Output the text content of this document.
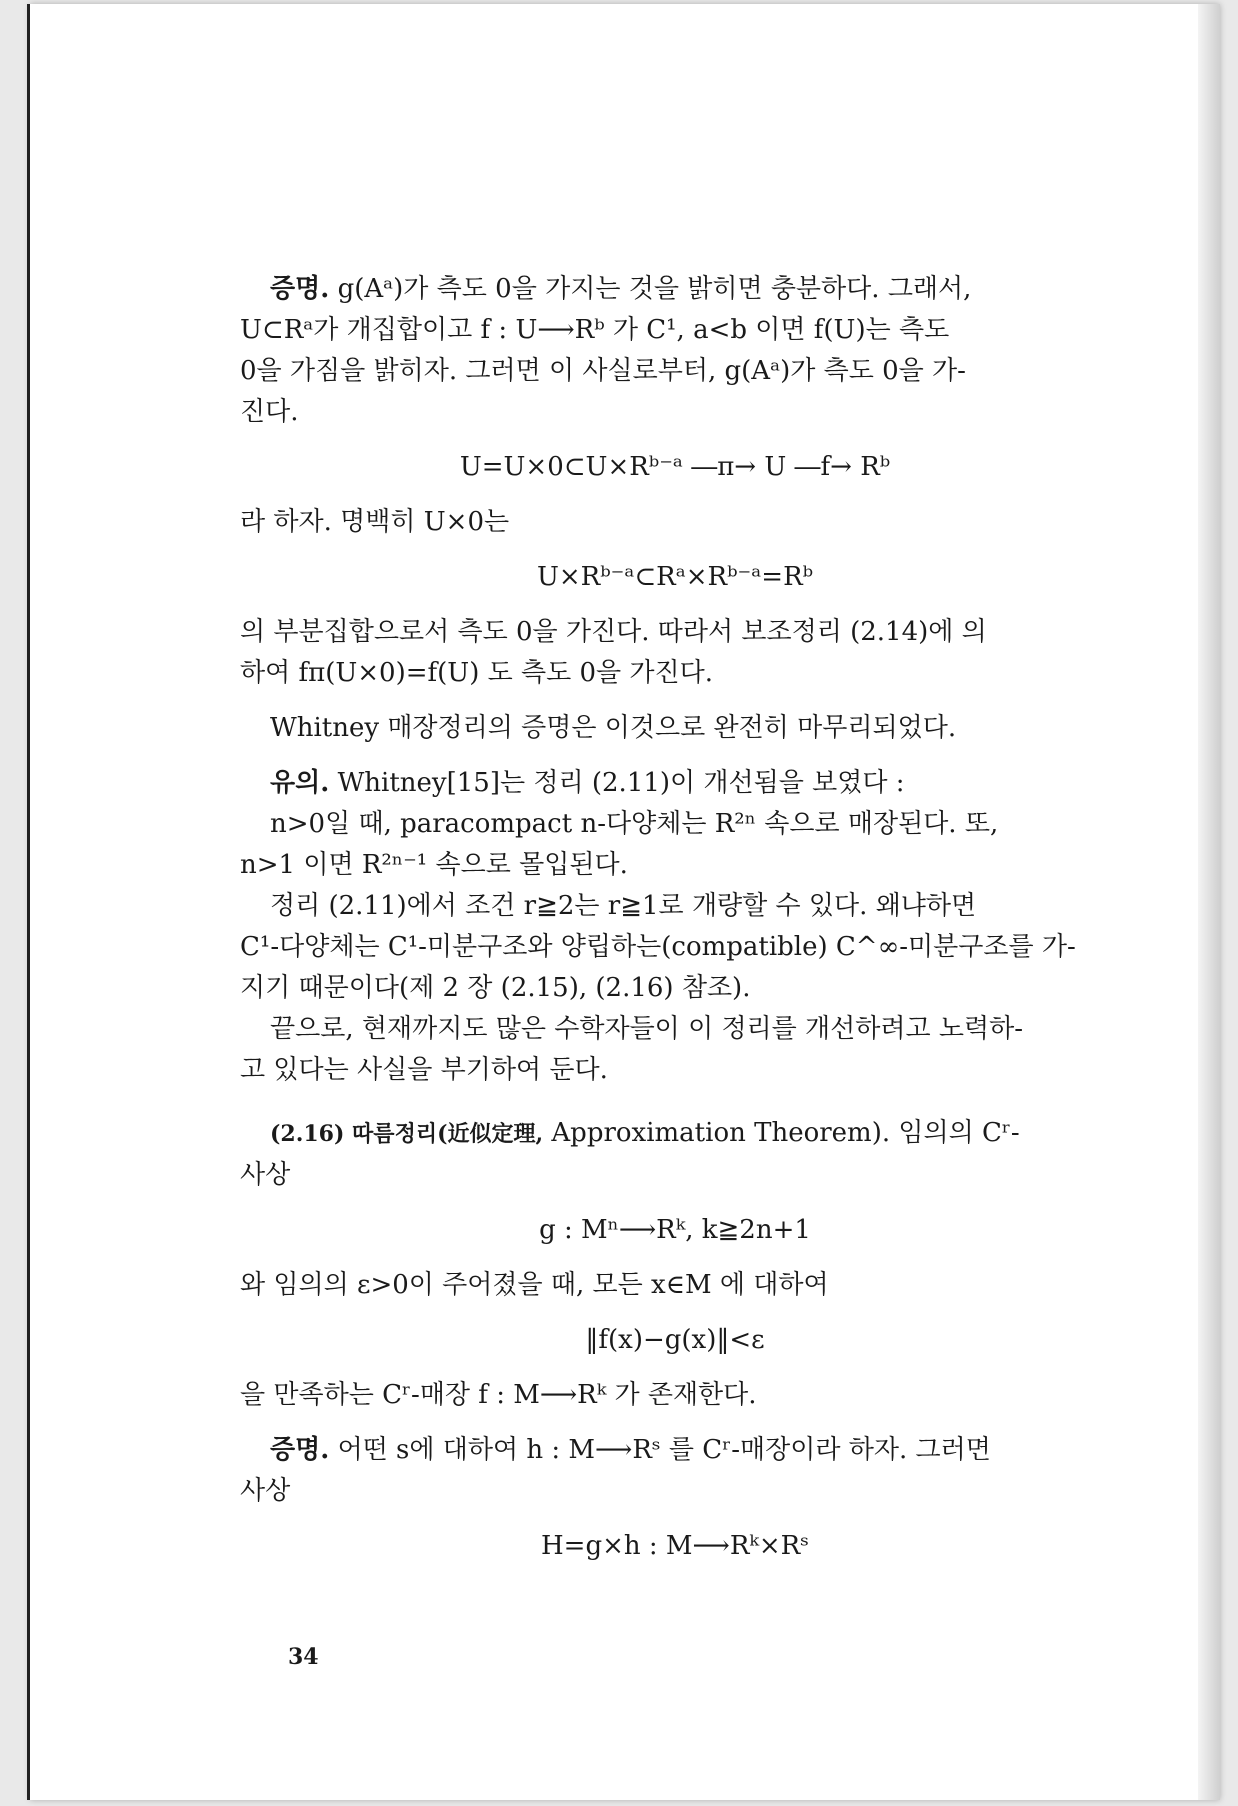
증명. g(Aᵃ)가 측도 0을 가지는 것을 밝히면 충분하다. 그래서,

U⊂Rᵃ가 개집합이고 f : U⟶Rᵇ 가 C¹, a<b 이면 f(U)는 측도

0을 가짐을 밝히자. 그러면 이 사실로부터, g(Aᵃ)가 측도 0을 가-

진다.

U=U×0⊂U×Rᵇ⁻ᵃ ―π→ U ―f→ Rᵇ

라 하자. 명백히 U×0는

U×Rᵇ⁻ᵃ⊂Rᵃ×Rᵇ⁻ᵃ=Rᵇ

의 부분집합으로서 측도 0을 가진다. 따라서 보조정리 (2.14)에 의

하여 fπ(U×0)=f(U) 도 측도 0을 가진다.

Whitney 매장정리의 증명은 이것으로 완전히 마무리되었다.

유의. Whitney[15]는 정리 (2.11)이 개선됨을 보였다 :

n>0일 때, paracompact n-다양체는 R²ⁿ 속으로 매장된다. 또,

n>1 이면 R²ⁿ⁻¹ 속으로 몰입된다.

정리 (2.11)에서 조건 r≧2는 r≧1로 개량할 수 있다. 왜냐하면

C¹-다양체는 C¹-미분구조와 양립하는(compatible) C^∞-미분구조를 가-

지기 때문이다(제 2 장 (2.15), (2.16) 참조).

끝으로, 현재까지도 많은 수학자들이 이 정리를 개선하려고 노력하-

고 있다는 사실을 부기하여 둔다.

(2.16) 따름정리(近似定理, Approximation Theorem). 임의의 Cʳ-

사상

g : Mⁿ⟶Rᵏ, k≧2n+1

와 임의의 ε>0이 주어졌을 때, 모든 x∈M 에 대하여

‖f(x)−g(x)‖<ε

을 만족하는 Cʳ-매장 f : M⟶Rᵏ 가 존재한다.

증명. 어떤 s에 대하여 h : M⟶Rˢ 를 Cʳ-매장이라 하자. 그러면

사상

H=g×h : M⟶Rᵏ×Rˢ

34
